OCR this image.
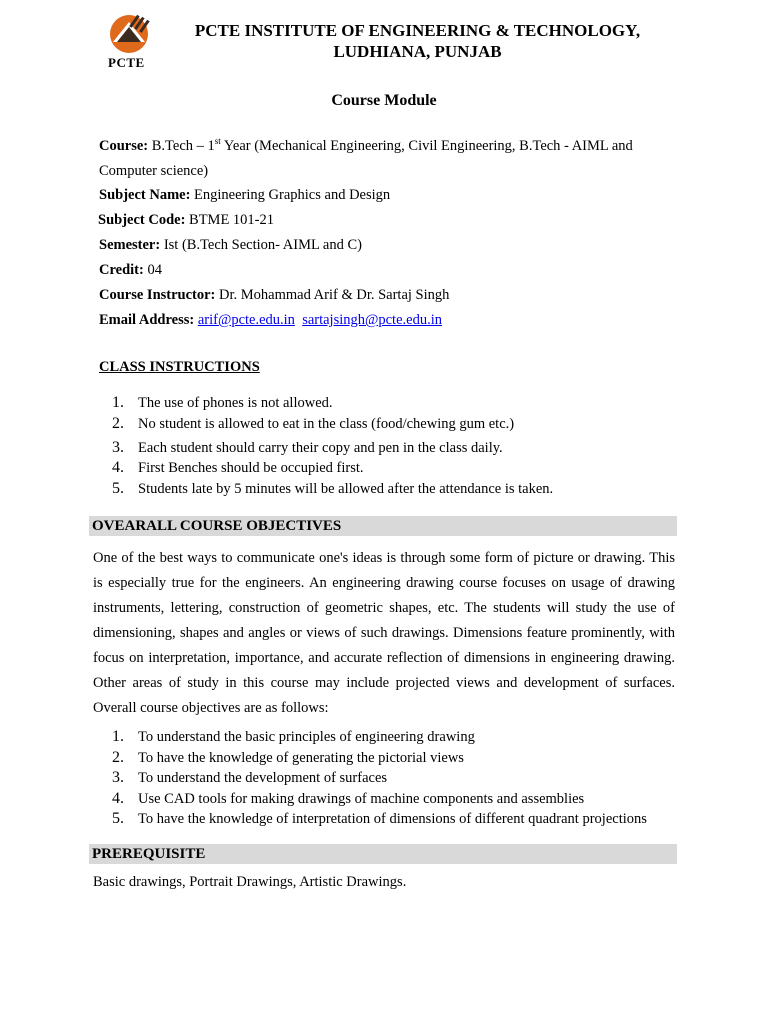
PCTE
PCTE INSTITUTE OF ENGINEERING & TECHNOLOGY,
LUDHIANA, PUNJAB
Course Module
Course: B.Tech – 1st Year (Mechanical Engineering, Civil Engineering, B.Tech - AIML and Computer science)
Subject Name: Engineering Graphics and Design
Subject Code: BTME 101-21
Semester: Ist (B.Tech Section- AIML and C)
Credit: 04
Course Instructor: Dr. Mohammad Arif & Dr. Sartaj Singh
Email Address: arif@pcte.edu.in sartajsingh@pcte.edu.in
CLASS INSTRUCTIONS
1. The use of phones is not allowed.
2. No student is allowed to eat in the class (food/chewing gum etc.)
3. Each student should carry their copy and pen in the class daily.
4. First Benches should be occupied first.
5. Students late by 5 minutes will be allowed after the attendance is taken.
OVEARALL COURSE OBJECTIVES
One of the best ways to communicate one's ideas is through some form of picture or drawing. This is especially true for the engineers. An engineering drawing course focuses on usage of drawing instruments, lettering, construction of geometric shapes, etc. The students will study the use of dimensioning, shapes and angles or views of such drawings. Dimensions feature prominently, with focus on interpretation, importance, and accurate reflection of dimensions in engineering drawing. Other areas of study in this course may include projected views and development of surfaces. Overall course objectives are as follows:
1. To understand the basic principles of engineering drawing
2. To have the knowledge of generating the pictorial views
3. To understand the development of surfaces
4. Use CAD tools for making drawings of machine components and assemblies
5. To have the knowledge of interpretation of dimensions of different quadrant projections
PREREQUISITE
Basic drawings, Portrait Drawings, Artistic Drawings.
